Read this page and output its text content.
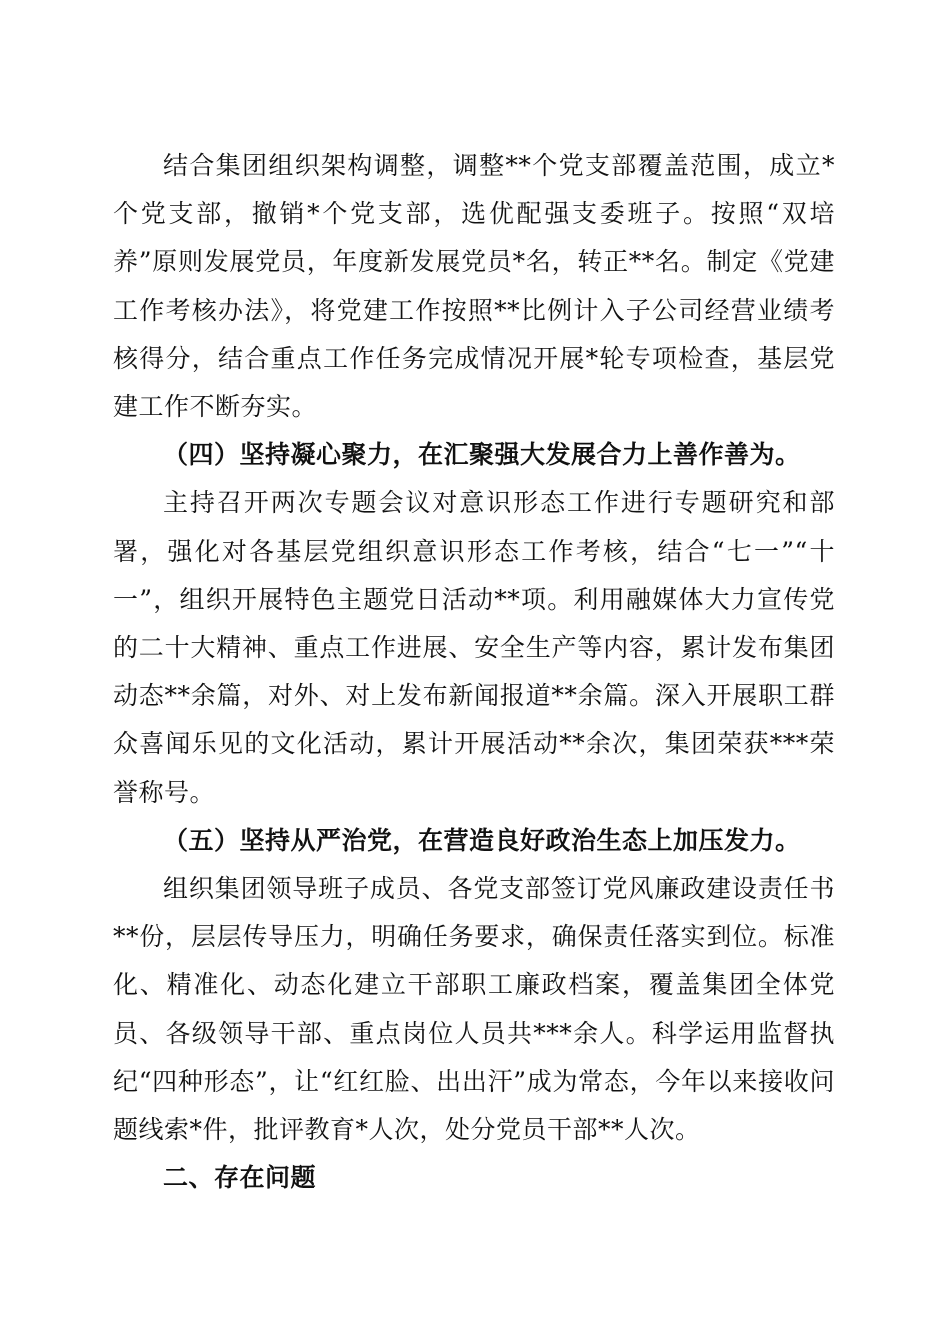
结合集团组织架构调整，调整**个党支部覆盖范围，成立*个党支部，撤销*个党支部，选优配强支委班子。按照“双培养”原则发展党员，年度新发展党员*名，转正**名。制定《党建工作考核办法》，将党建工作按照**比例计入子公司经营业绩考核得分，结合重点工作任务完成情况开展*轮专项检查，基层党建工作不断夯实。

（四）坚持凝心聚力，在汇聚强大发展合力上善作善为。

主持召开两次专题会议对意识形态工作进行专题研究和部署，强化对各基层党组织意识形态工作考核，结合“七一”“十一”，组织开展特色主题党日活动**项。利用融媒体大力宣传党的二十大精神、重点工作进展、安全生产等内容，累计发布集团动态**余篇，对外、对上发布新闻报道**余篇。深入开展职工群众喜闻乐见的文化活动，累计开展活动**余次，集团荣获***荣誉称号。

（五）坚持从严治党，在营造良好政治生态上加压发力。

组织集团领导班子成员、各党支部签订党风廉政建设责任书**份，层层传导压力，明确任务要求，确保责任落实到位。标准化、精准化、动态化建立干部职工廉政档案，覆盖集团全体党员、各级领导干部、重点岗位人员共***余人。科学运用监督执纪“四种形态”，让“红红脸、出出汗”成为常态，今年以来接收问题线索*件，批评教育*人次，处分党员干部**人次。

二、存在问题
